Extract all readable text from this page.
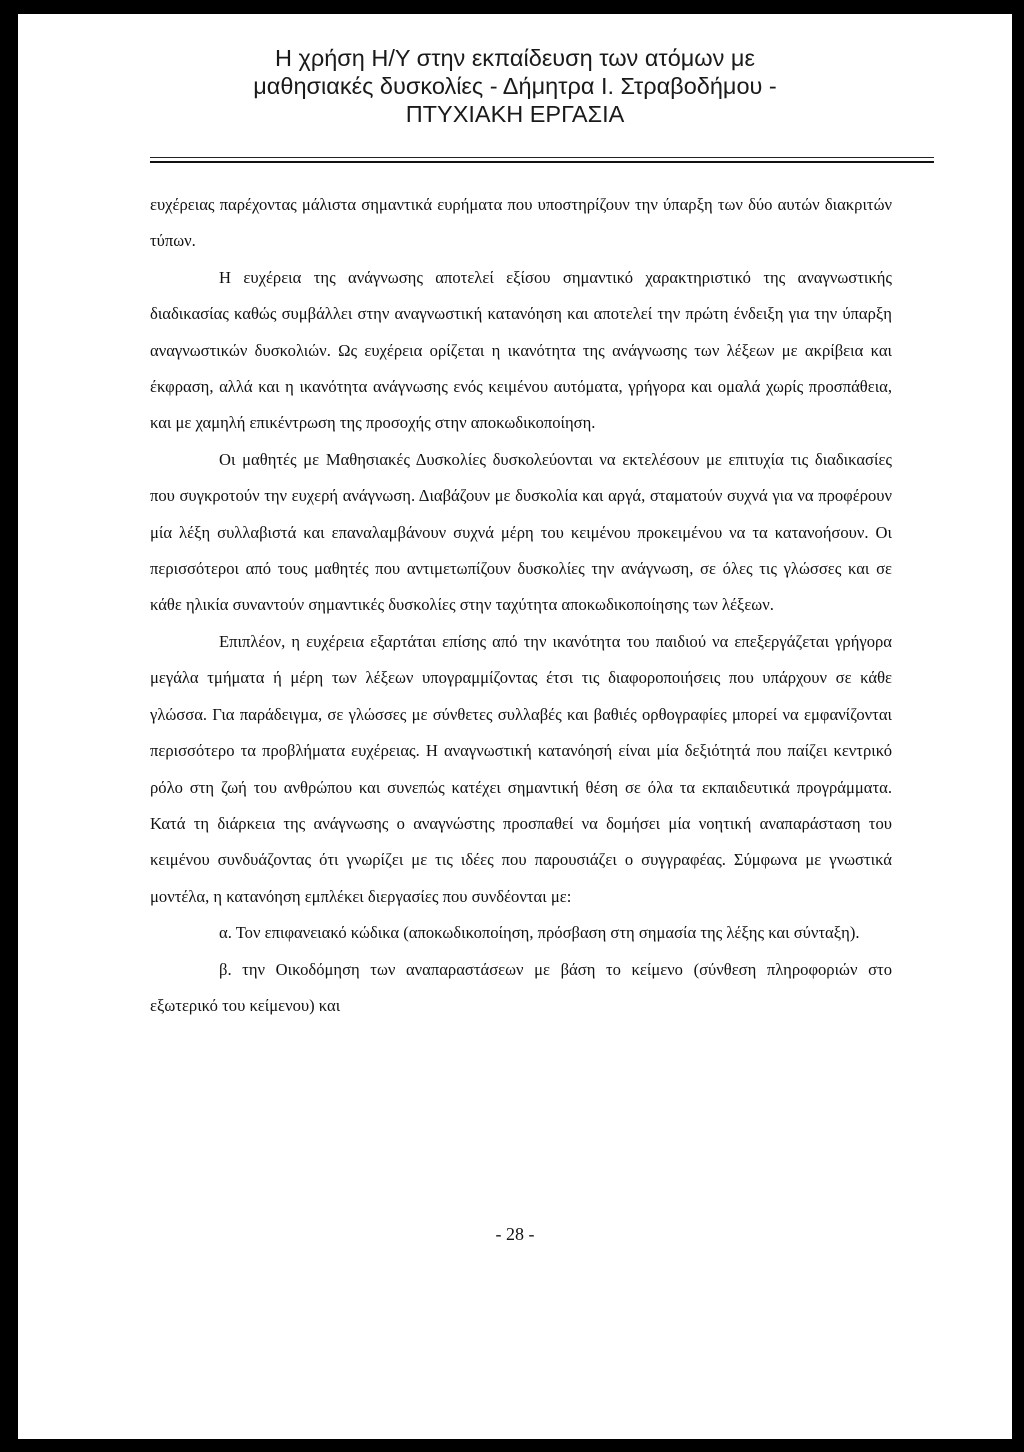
Η χρήση Η/Υ στην εκπαίδευση των ατόμων με
μαθησιακές δυσκολίες - Δήμητρα Ι. Στραβοδήμου -
ΠΤΥΧΙΑΚΗ ΕΡΓΑΣΙΑ

ευχέρειας παρέχοντας μάλιστα σημαντικά ευρήματα που υποστηρίζουν την ύπαρξη των δύο αυτών διακριτών τύπων.

Η ευχέρεια της ανάγνωσης αποτελεί εξίσου σημαντικό χαρακτηριστικό της αναγνωστικής διαδικασίας καθώς συμβάλλει στην αναγνωστική κατανόηση και αποτελεί την πρώτη ένδειξη για την ύπαρξη αναγνωστικών δυσκολιών. Ως ευχέρεια ορίζεται η ικανότητα της ανάγνωσης των λέξεων με ακρίβεια και έκφραση, αλλά και η ικανότητα ανάγνωσης ενός κειμένου αυτόματα, γρήγορα και ομαλά χωρίς προσπάθεια, και με χαμηλή επικέντρωση της προσοχής στην αποκωδικοποίηση.

Οι μαθητές με Μαθησιακές Δυσκολίες δυσκολεύονται να εκτελέσουν με επιτυχία τις διαδικασίες που συγκροτούν την ευχερή ανάγνωση. Διαβάζουν με δυσκολία και αργά, σταματούν συχνά για να προφέρουν μία λέξη συλλαβιστά και επαναλαμβάνουν συχνά μέρη του κειμένου προκειμένου να τα κατανοήσουν. Οι περισσότεροι από τους μαθητές που αντιμετωπίζουν δυσκολίες την ανάγνωση, σε όλες τις γλώσσες και σε κάθε ηλικία συναντούν σημαντικές δυσκολίες στην ταχύτητα αποκωδικοποίησης των λέξεων.

Επιπλέον, η ευχέρεια εξαρτάται επίσης από την ικανότητα του παιδιού να επεξεργάζεται γρήγορα μεγάλα τμήματα ή μέρη των λέξεων υπογραμμίζοντας έτσι τις διαφοροποιήσεις που υπάρχουν σε κάθε γλώσσα. Για παράδειγμα, σε γλώσσες με σύνθετες συλλαβές και βαθιές ορθογραφίες μπορεί να εμφανίζονται περισσότερο τα προβλήματα ευχέρειας. Η αναγνωστική κατανόησή είναι μία δεξιότητά που παίζει κεντρικό ρόλο στη ζωή του ανθρώπου και συνεπώς κατέχει σημαντική θέση σε όλα τα εκπαιδευτικά προγράμματα. Κατά τη διάρκεια της ανάγνωσης ο αναγνώστης προσπαθεί να δομήσει μία νοητική αναπαράσταση του κειμένου συνδυάζοντας ότι γνωρίζει με τις ιδέες που παρουσιάζει ο συγγραφέας. Σύμφωνα με γνωστικά μοντέλα, η κατανόηση εμπλέκει διεργασίες που συνδέονται με:

α. Τον επιφανειακό κώδικα (αποκωδικοποίηση, πρόσβαση στη σημασία της λέξης και σύνταξη).

β. την Οικοδόμηση των αναπαραστάσεων με βάση το κείμενο (σύνθεση πληροφοριών στο εξωτερικό του κείμενου) και

- 28 -
